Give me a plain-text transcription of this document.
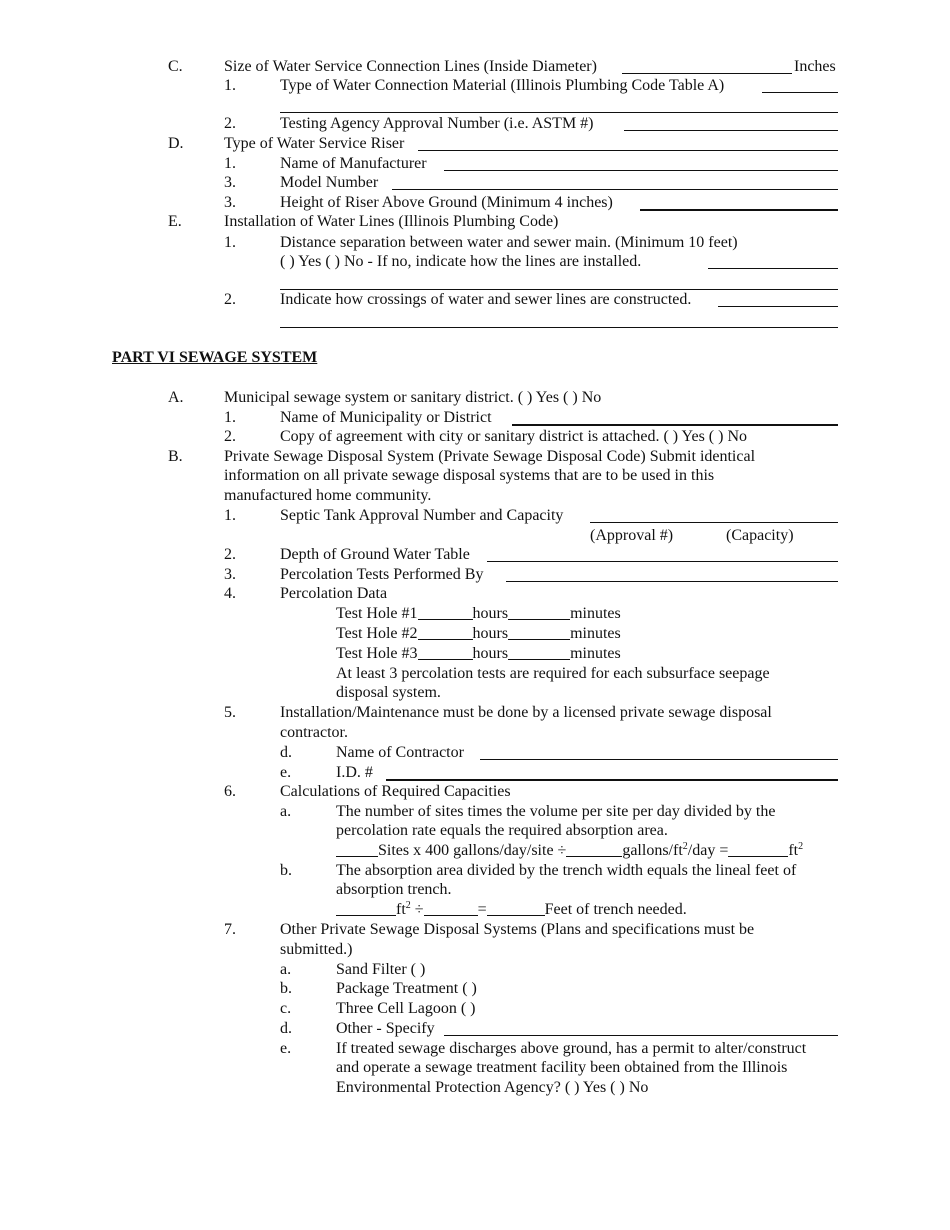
C.	Size of Water Service Connection Lines (Inside Diameter)	Inches
1.	Type of Water Connection Material (Illinois Plumbing Code Table A)
2.	Testing Agency Approval Number (i.e. ASTM #)
D.	Type of Water Service Riser
1.	Name of Manufacturer
3.	Model Number
3.	Height of Riser Above Ground (Minimum 4 inches)
E.	Installation of Water Lines (Illinois Plumbing Code)
1.	Distance separation between water and sewer main. (Minimum 10 feet)
( ) Yes ( ) No - If no, indicate how the lines are installed.
2.	Indicate how crossings of water and sewer lines are constructed.
PART VI SEWAGE SYSTEM
A.	Municipal sewage system or sanitary district. ( ) Yes ( ) No
1.	Name of Municipality or District
2.	Copy of agreement with city or sanitary district is attached. ( ) Yes ( ) No
B.	Private Sewage Disposal System (Private Sewage Disposal Code) Submit identical
information on all private sewage disposal systems that are to be used in this
manufactured home community.
1.	Septic Tank Approval Number and Capacity
(Approval #)	(Capacity)
2.	Depth of Ground Water Table
3.	Percolation Tests Performed By
4.	Percolation Data
Test Hole #1	hours	minutes
Test Hole #2	hours	minutes
Test Hole #3	hours	minutes
At least 3 percolation tests are required for each subsurface seepage
disposal system.
5.	Installation/Maintenance must be done by a licensed private sewage disposal
contractor.
d.	Name of Contractor
e.	I.D. #
6.	Calculations of Required Capacities
a.	The number of sites times the volume per site per day divided by the
percolation rate equals the required absorption area.
Sites x 400 gallons/day/site ÷	gallons/$ft^2$/day =	$ft^2$
b.	The absorption area divided by the trench width equals the lineal feet of
absorption trench.
$ft^2$ ÷	=	Feet of trench needed.
7.	Other Private Sewage Disposal Systems (Plans and specifications must be
submitted.)
a.	Sand Filter ( )
b.	Package Treatment ( )
c.	Three Cell Lagoon ( )
d.	Other - Specify
e.	If treated sewage discharges above ground, has a permit to alter/construct
and operate a sewage treatment facility been obtained from the Illinois
Environmental Protection Agency? ( ) Yes ( ) No
